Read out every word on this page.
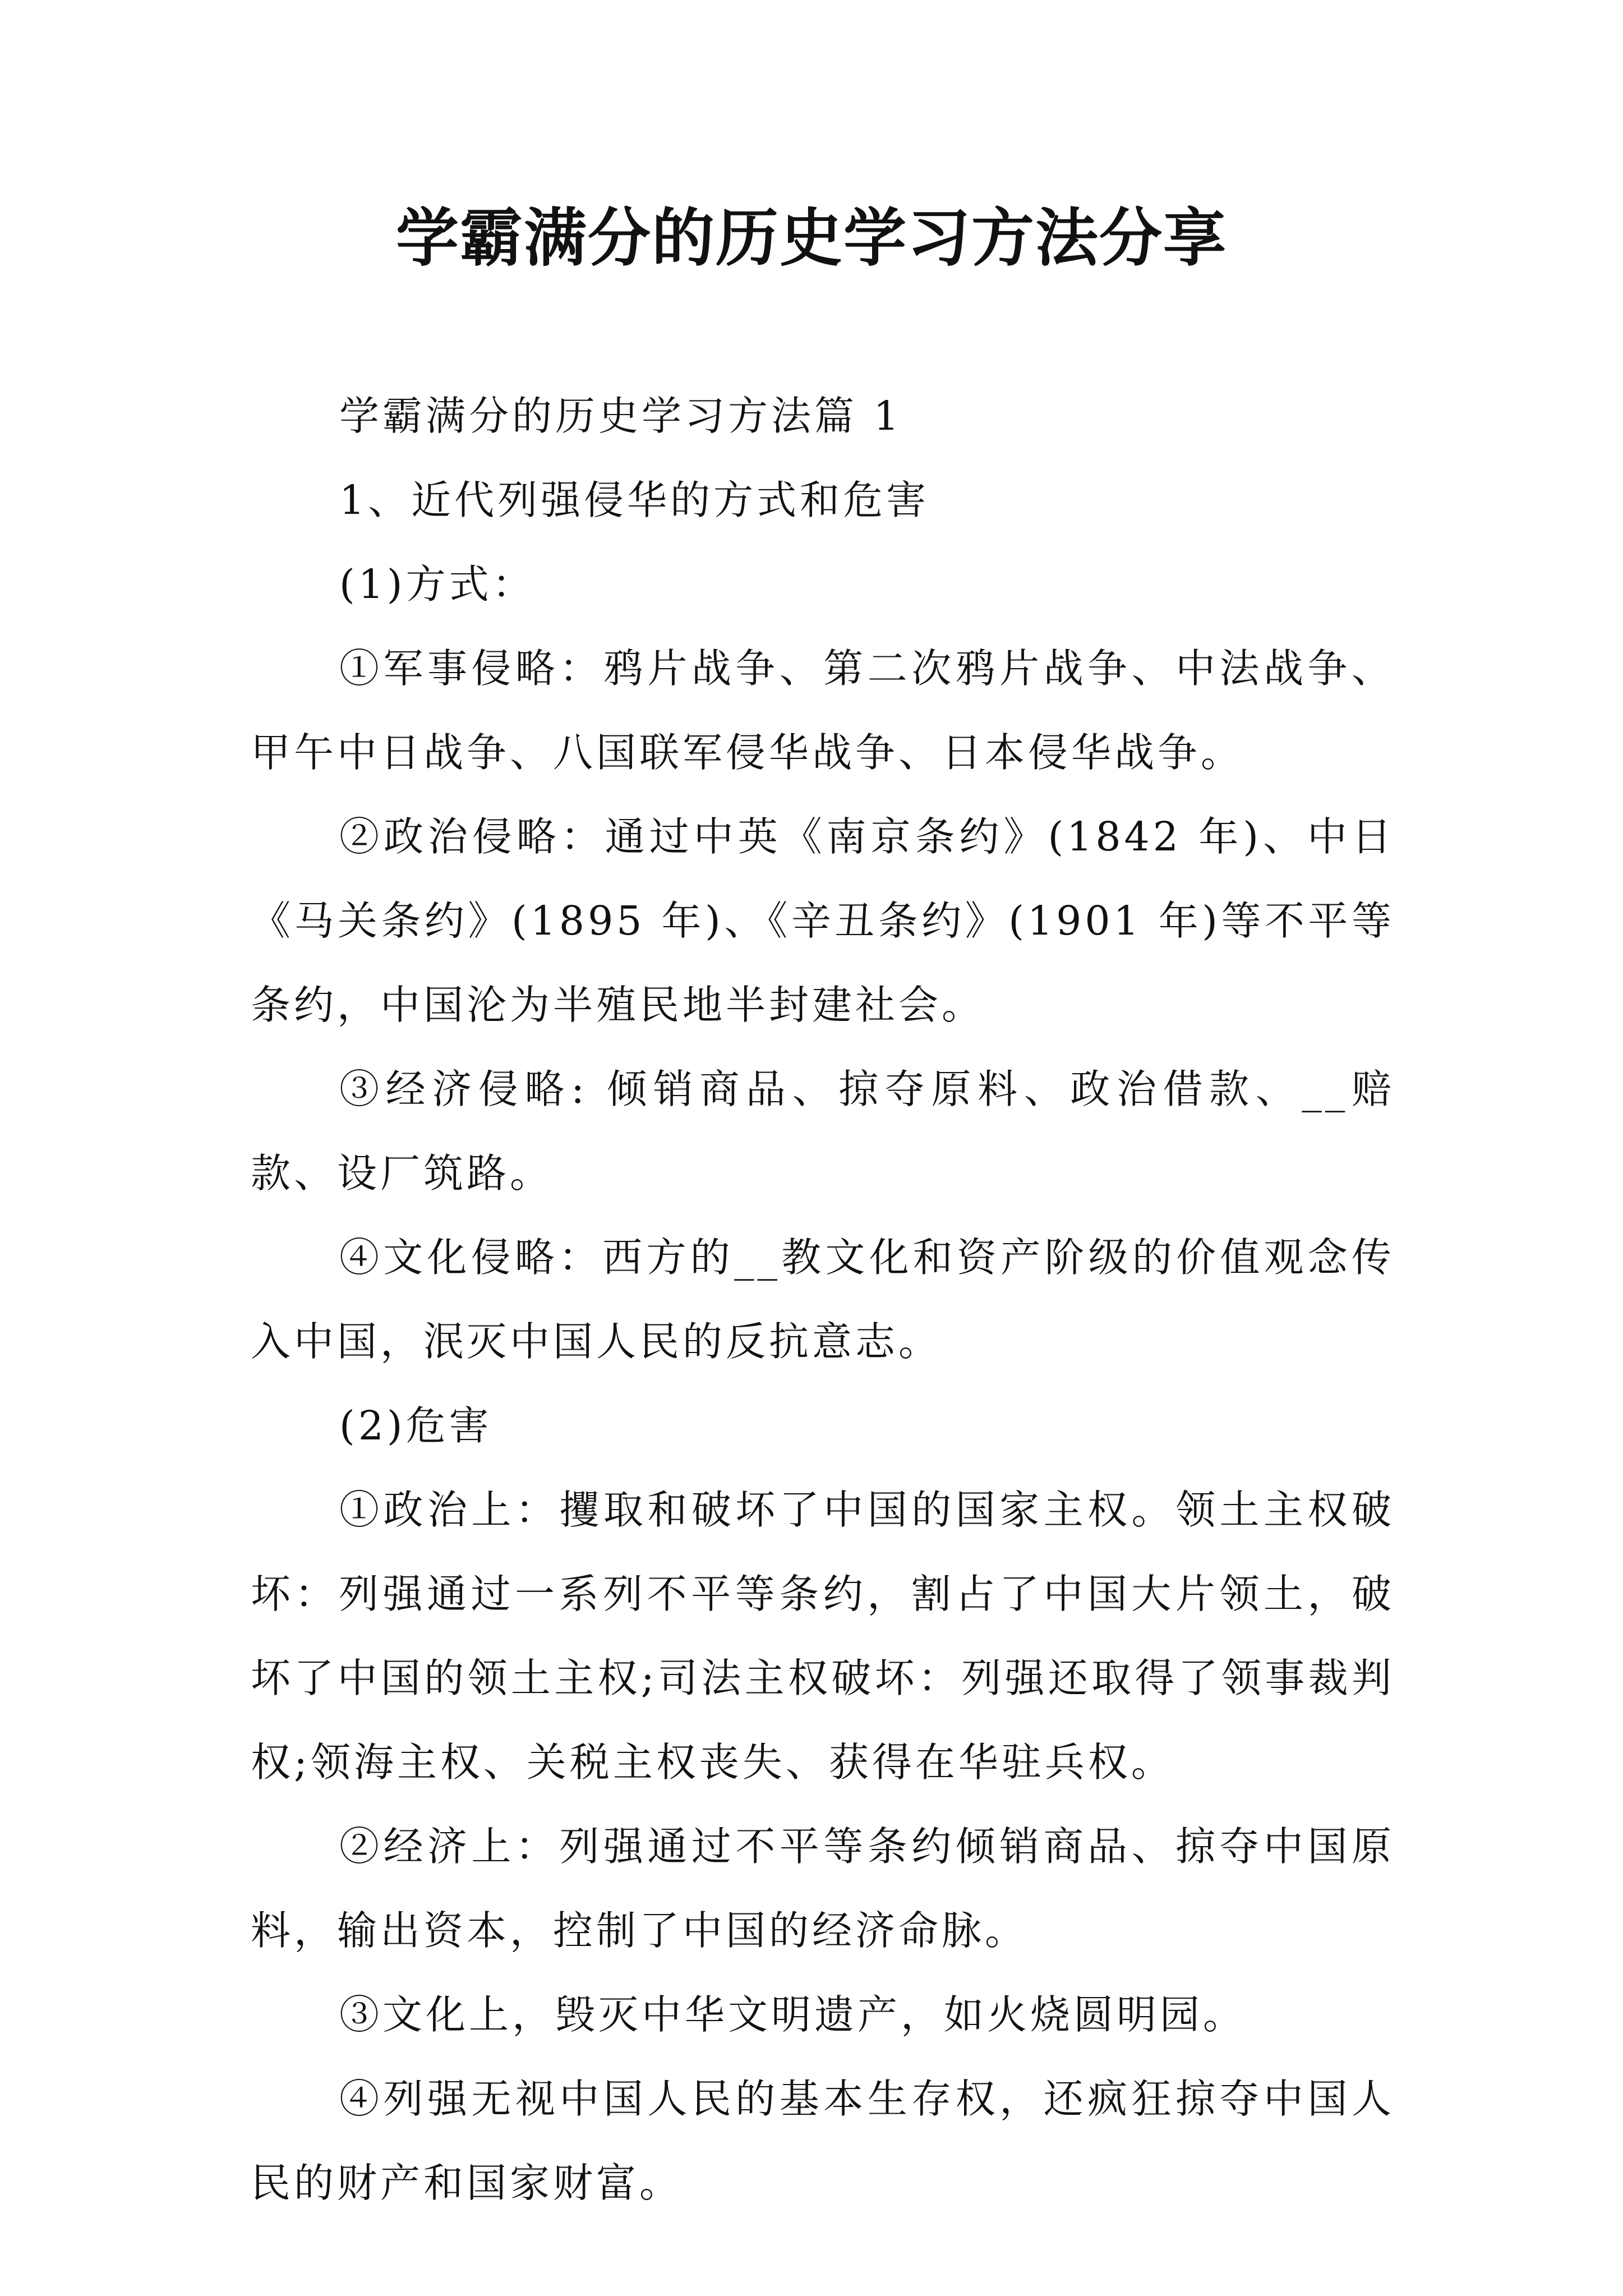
学霸满分的历史学习方法分享

学霸满分的历史学习方法篇 1

1、近代列强侵华的方式和危害

(1)方式：

①军事侵略：鸦片战争、第二次鸦片战争、中法战争、甲午中日战争、八国联军侵华战争、日本侵华战争。

②政治侵略：通过中英《南京条约》(1842 年)、中日《马关条约》(1895 年)、《辛丑条约》(1901 年)等不平等条约，中国沦为半殖民地半封建社会。

③经济侵略: 倾销商品、掠夺原料、政治借款、__赔款、设厂筑路。

④文化侵略：西方的__教文化和资产阶级的价值观念传入中国，泯灭中国人民的反抗意志。

(2)危害

①政治上：攫取和破坏了中国的国家主权。领土主权破坏：列强通过一系列不平等条约，割占了中国大片领土，破坏了中国的领土主权;司法主权破坏：列强还取得了领事裁判权;领海主权、关税主权丧失、获得在华驻兵权。

②经济上：列强通过不平等条约倾销商品、掠夺中国原料，输出资本，控制了中国的经济命脉。

③文化上，毁灭中华文明遗产，如火烧圆明园。

④列强无视中国人民的基本生存权，还疯狂掠夺中国人民的财产和国家财富。
